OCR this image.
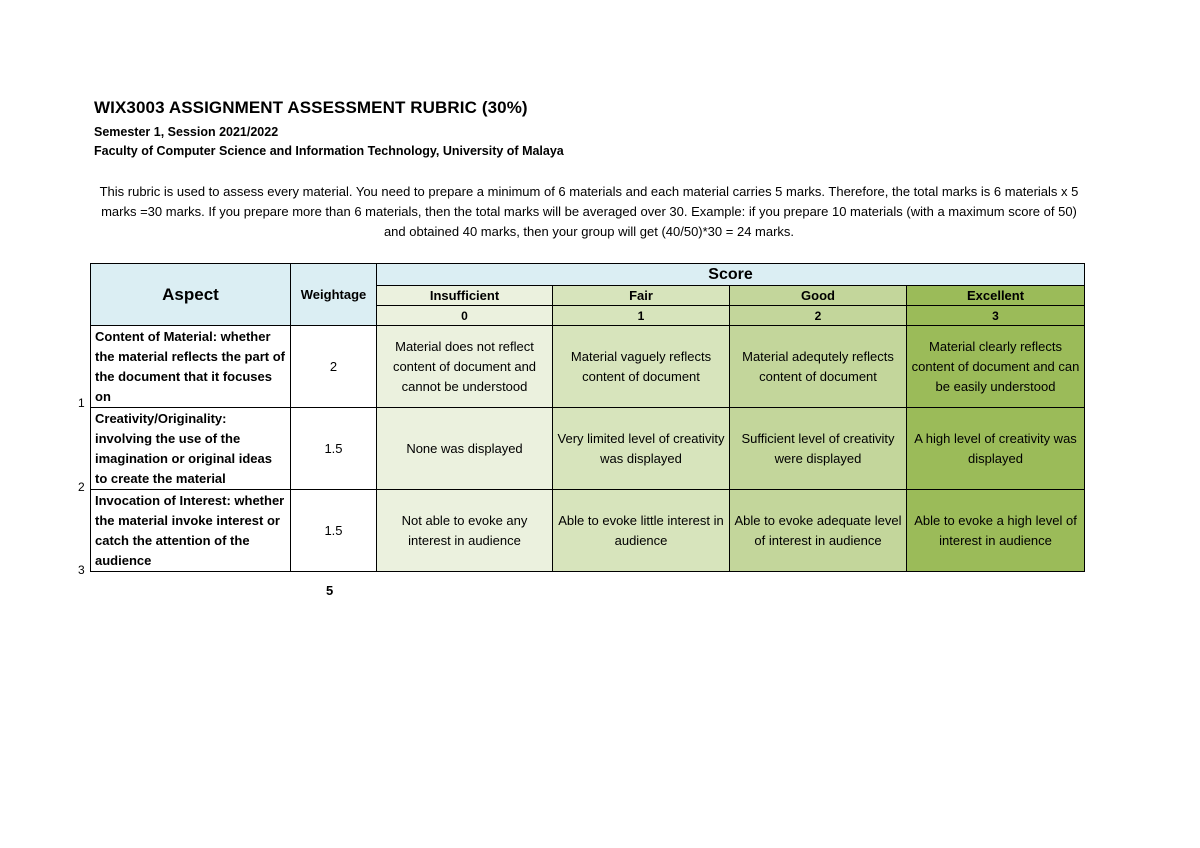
WIX3003 ASSIGNMENT ASSESSMENT RUBRIC (30%)
Semester 1, Session 2021/2022
Faculty of Computer Science and Information Technology, University of Malaya
This rubric is used to assess every material. You need to prepare a minimum of 6 materials and each material carries 5 marks. Therefore, the total marks is 6 materials x 5 marks =30 marks. If you prepare more than 6 materials, then the total marks will be averaged over 30. Example: if you prepare 10 materials (with a maximum score of 50) and obtained 40 marks, then your group will get (40/50)*30 = 24 marks.
Aspect	Weightage	Score			
		Insufficient	Fair	Good	Excellent
		0	1	2	3
Content of Material: whether the material reflects the part of the document that it focuses on	2	Material does not reflect content of document and cannot be understood	Material vaguely reflects content of document	Material adequtely reflects content of document	Material clearly reflects content of document and can be easily understood
Creativity/Originality: involving the use of the imagination or original ideas to create the material	1.5	None was displayed	Very limited level of creativity was displayed	Sufficient level of creativity were displayed	A high level of creativity was displayed
Invocation of Interest: whether the material invoke interest or catch the attention of the audience	1.5	Not able to evoke any interest in audience	Able to evoke little interest in audience	Able to evoke adequate level of interest in audience	Able to evoke a high level of interest in audience
1
2
3
5
